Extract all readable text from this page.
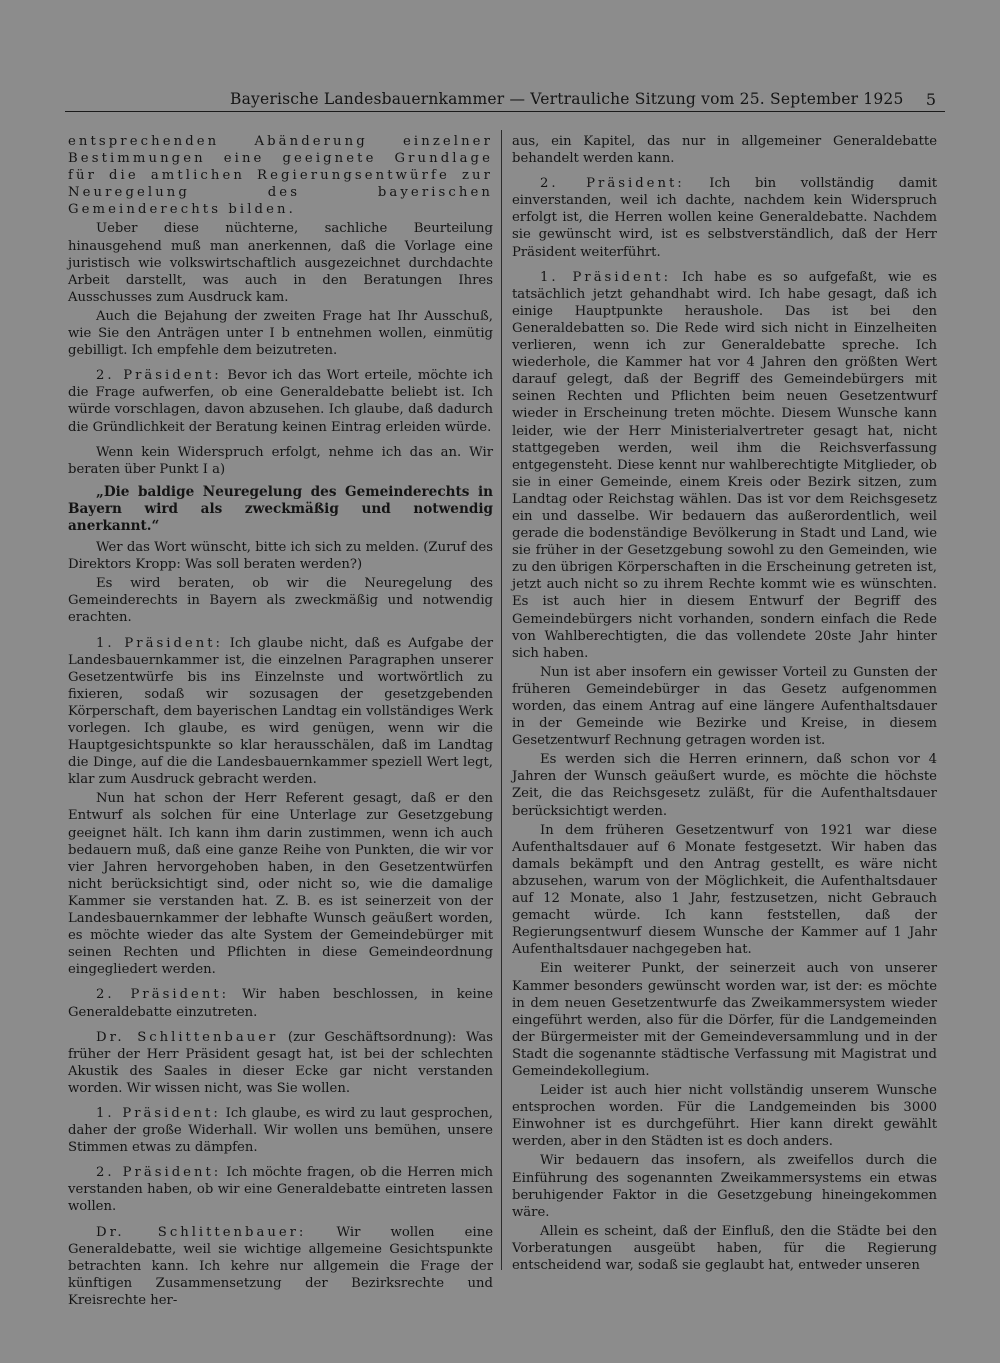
Bayerische Landesbauernkammer — Vertrauliche Sitzung vom 25. September 1925 5

entsprechenden Abänderung einzelner Bestimmungen eine geeignete Grundlage für die amtlichen Regierungsentwürfe zur Neuregelung des bayerischen Gemeinderechts bilden.

Ueber diese nüchterne, sachliche Beurteilung hinausgehend muß man anerkennen, daß die Vorlage eine juristisch wie volkswirtschaftlich ausgezeichnet durchdachte Arbeit darstellt, was auch in den Beratungen Ihres Ausschusses zum Ausdruck kam.

Auch die Bejahung der zweiten Frage hat Ihr Ausschuß, wie Sie den Anträgen unter I b entnehmen wollen, einmütig gebilligt. Ich empfehle dem beizutreten.

2. Präsident: Bevor ich das Wort erteile, möchte ich die Frage aufwerfen, ob eine Generaldebatte beliebt ist. Ich würde vorschlagen, davon abzusehen. Ich glaube, daß dadurch die Gründlichkeit der Beratung keinen Eintrag erleiden würde.

Wenn kein Widerspruch erfolgt, nehme ich das an. Wir beraten über Punkt I a)

„Die baldige Neuregelung des Gemeinderechts in Bayern wird als zweckmäßig und notwendig anerkannt.“

Wer das Wort wünscht, bitte ich sich zu melden. (Zuruf des Direktors Kropp: Was soll beraten werden?)

Es wird beraten, ob wir die Neuregelung des Gemeinderechts in Bayern als zweckmäßig und notwendig erachten.

1. Präsident: Ich glaube nicht, daß es Aufgabe der Landesbauernkammer ist, die einzelnen Paragraphen unserer Gesetzentwürfe bis ins Einzelnste und wortwörtlich zu fixieren, sodaß wir sozusagen der gesetzgebenden Körperschaft, dem bayerischen Landtag ein vollständiges Werk vorlegen. Ich glaube, es wird genügen, wenn wir die Hauptgesichtspunkte so klar herausschälen, daß im Landtag die Dinge, auf die die Landesbauernkammer speziell Wert legt, klar zum Ausdruck gebracht werden.

Nun hat schon der Herr Referent gesagt, daß er den Entwurf als solchen für eine Unterlage zur Gesetzgebung geeignet hält. Ich kann ihm darin zustimmen, wenn ich auch bedauern muß, daß eine ganze Reihe von Punkten, die wir vor vier Jahren hervorgehoben haben, in den Gesetzentwürfen nicht berücksichtigt sind, oder nicht so, wie die damalige Kammer sie verstanden hat. Z. B. es ist seinerzeit von der Landesbauernkammer der lebhafte Wunsch geäußert worden, es möchte wieder das alte System der Gemeindebürger mit seinen Rechten und Pflichten in diese Gemeindeordnung eingegliedert werden.

2. Präsident: Wir haben beschlossen, in keine Generaldebatte einzutreten.

Dr. Schlittenbauer (zur Geschäftsordnung): Was früher der Herr Präsident gesagt hat, ist bei der schlechten Akustik des Saales in dieser Ecke gar nicht verstanden worden. Wir wissen nicht, was Sie wollen.

1. Präsident: Ich glaube, es wird zu laut gesprochen, daher der große Widerhall. Wir wollen uns bemühen, unsere Stimmen etwas zu dämpfen.

2. Präsident: Ich möchte fragen, ob die Herren mich verstanden haben, ob wir eine Generaldebatte eintreten lassen wollen.

Dr. Schlittenbauer: Wir wollen eine Generaldebatte, weil sie wichtige allgemeine Gesichtspunkte betrachten kann. Ich kehre nur allgemein die Frage der künftigen Zusammensetzung der Bezirksrechte und Kreisrechte her-

aus, ein Kapitel, das nur in allgemeiner Generaldebatte behandelt werden kann.

2. Präsident: Ich bin vollständig damit einverstanden, weil ich dachte, nachdem kein Widerspruch erfolgt ist, die Herren wollen keine Generaldebatte. Nachdem sie gewünscht wird, ist es selbstverständlich, daß der Herr Präsident weiterführt.

1. Präsident: Ich habe es so aufgefaßt, wie es tatsächlich jetzt gehandhabt wird. Ich habe gesagt, daß ich einige Hauptpunkte heraushole. Das ist bei den Generaldebatten so. Die Rede wird sich nicht in Einzelheiten verlieren, wenn ich zur Generaldebatte spreche. Ich wiederhole, die Kammer hat vor 4 Jahren den größten Wert darauf gelegt, daß der Begriff des Gemeindebürgers mit seinen Rechten und Pflichten beim neuen Gesetzentwurf wieder in Erscheinung treten möchte. Diesem Wunsche kann leider, wie der Herr Ministerialvertreter gesagt hat, nicht stattgegeben werden, weil ihm die Reichsverfassung entgegensteht. Diese kennt nur wahlberechtigte Mitglieder, ob sie in einer Gemeinde, einem Kreis oder Bezirk sitzen, zum Landtag oder Reichstag wählen. Das ist vor dem Reichsgesetz ein und dasselbe. Wir bedauern das außerordentlich, weil gerade die bodenständige Bevölkerung in Stadt und Land, wie sie früher in der Gesetzgebung sowohl zu den Gemeinden, wie zu den übrigen Körperschaften in die Erscheinung getreten ist, jetzt auch nicht so zu ihrem Rechte kommt wie es wünschten. Es ist auch hier in diesem Entwurf der Begriff des Gemeindebürgers nicht vorhanden, sondern einfach die Rede von Wahlberechtigten, die das vollendete 20ste Jahr hinter sich haben.

Nun ist aber insofern ein gewisser Vorteil zu Gunsten der früheren Gemeindebürger in das Gesetz aufgenommen worden, das einem Antrag auf eine längere Aufenthaltsdauer in der Gemeinde wie Bezirke und Kreise, in diesem Gesetzentwurf Rechnung getragen worden ist.

Es werden sich die Herren erinnern, daß schon vor 4 Jahren der Wunsch geäußert wurde, es möchte die höchste Zeit, die das Reichsgesetz zuläßt, für die Aufenthaltsdauer berücksichtigt werden.

In dem früheren Gesetzentwurf von 1921 war diese Aufenthaltsdauer auf 6 Monate festgesetzt. Wir haben das damals bekämpft und den Antrag gestellt, es wäre nicht abzusehen, warum von der Möglichkeit, die Aufenthaltsdauer auf 12 Monate, also 1 Jahr, festzusetzen, nicht Gebrauch gemacht würde. Ich kann feststellen, daß der Regierungsentwurf diesem Wunsche der Kammer auf 1 Jahr Aufenthaltsdauer nachgegeben hat.

Ein weiterer Punkt, der seinerzeit auch von unserer Kammer besonders gewünscht worden war, ist der: es möchte in dem neuen Gesetzentwurfe das Zweikammersystem wieder eingeführt werden, also für die Dörfer, für die Landgemeinden der Bürgermeister mit der Gemeindeversammlung und in der Stadt die sogenannte städtische Verfassung mit Magistrat und Gemeindekollegium.

Leider ist auch hier nicht vollständig unserem Wunsche entsprochen worden. Für die Landgemeinden bis 3000 Einwohner ist es durchgeführt. Hier kann direkt gewählt werden, aber in den Städten ist es doch anders.

Wir bedauern das insofern, als zweifellos durch die Einführung des sogenannten Zweikammersystems ein etwas beruhigender Faktor in die Gesetzgebung hineingekommen wäre.

Allein es scheint, daß der Einfluß, den die Städte bei den Vorberatungen ausgeübt haben, für die Regierung entscheidend war, sodaß sie geglaubt hat, entweder unseren
